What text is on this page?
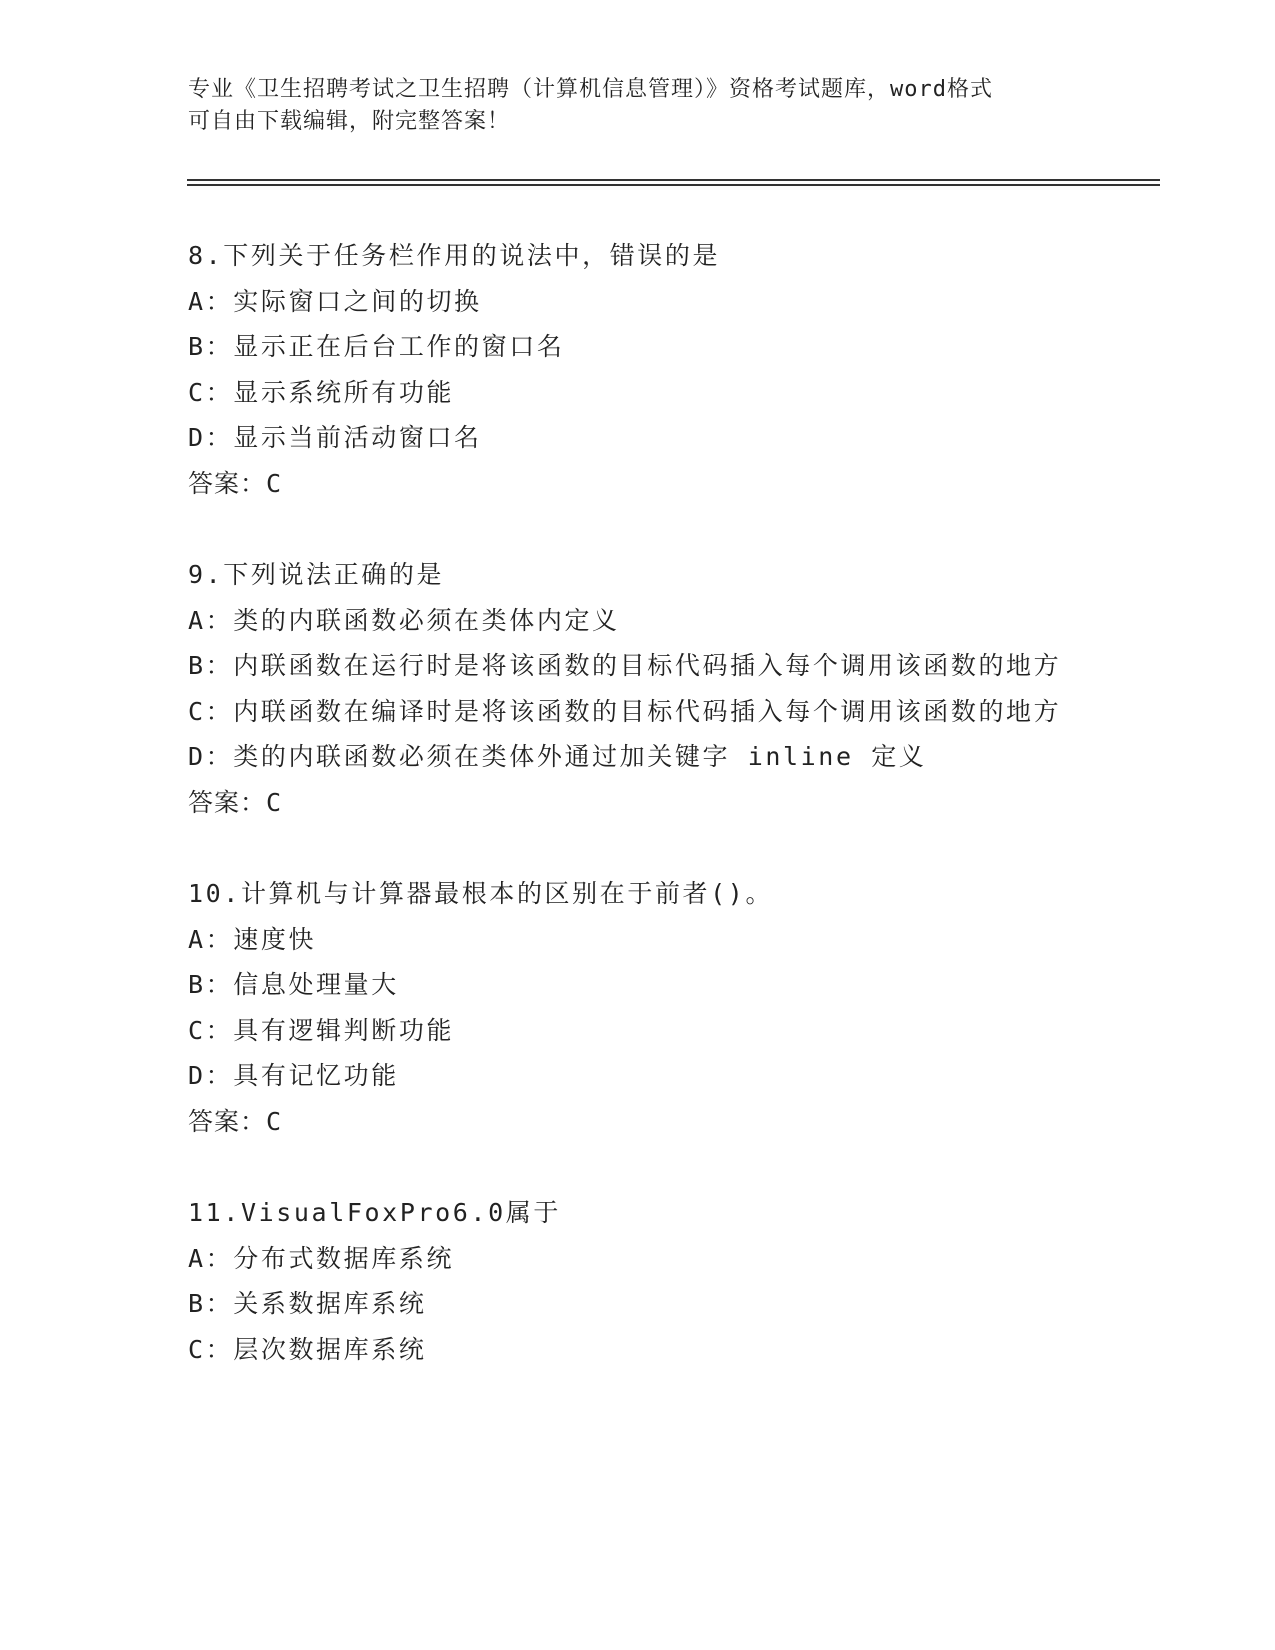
专业《卫生招聘考试之卫生招聘（计算机信息管理）》资格考试题库，word格式
可自由下载编辑，附完整答案！
8.下列关于任务栏作用的说法中，错误的是
A：实际窗口之间的切换
B：显示正在后台工作的窗口名
C：显示系统所有功能
D：显示当前活动窗口名
答案：C
9.下列说法正确的是
A：类的内联函数必须在类体内定义
B：内联函数在运行时是将该函数的目标代码插入每个调用该函数的地方
C：内联函数在编译时是将该函数的目标代码插入每个调用该函数的地方
D：类的内联函数必须在类体外通过加关键字 inline 定义
答案：C
10.计算机与计算器最根本的区别在于前者()。
A：速度快
B：信息处理量大
C：具有逻辑判断功能
D：具有记忆功能
答案：C
11.VisualFoxPro6.0属于
A：分布式数据库系统
B：关系数据库系统
C：层次数据库系统
